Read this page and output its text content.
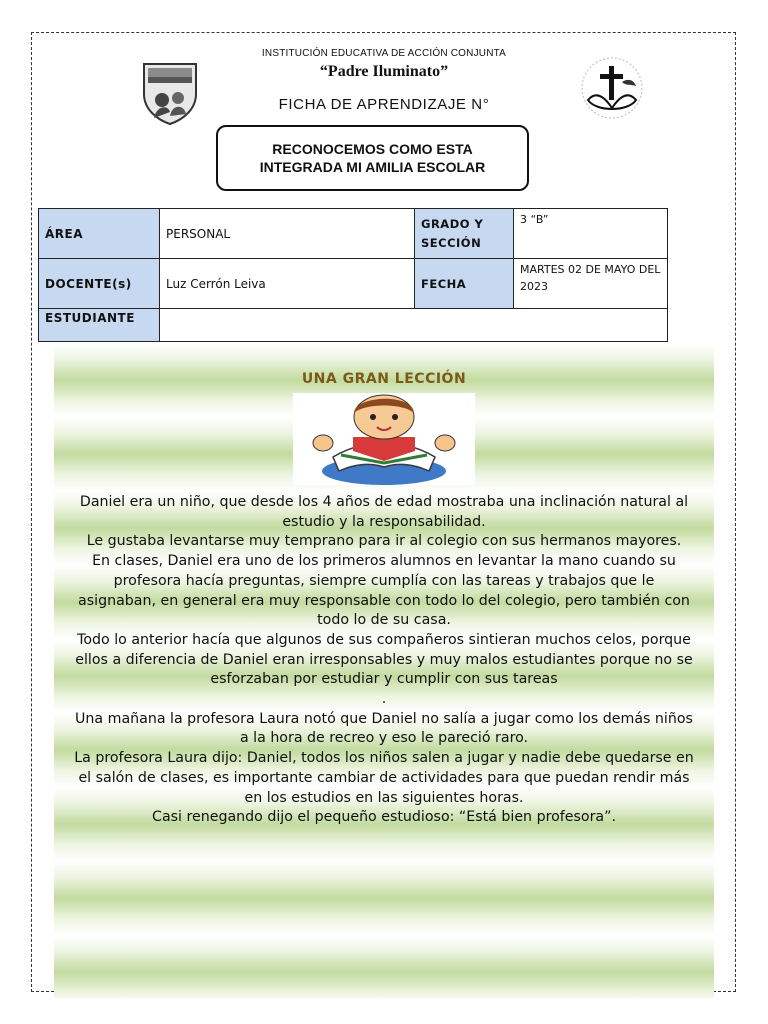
INSTITUCIÓN EDUCATIVA DE ACCIÓN CONJUNTA
“Padre Iluminato”
FICHA DE APRENDIZAJE N°
RECONOCEMOS COMO ESTA INTEGRADA MI AMILIA ESCOLAR
ÁREA	PERSONAL	GRADO Y SECCIÓN	3 “B”
DOCENTE(s)	Luz Cerrón Leiva	FECHA	MARTES 02 DE MAYO DEL 2023
ESTUDIANTE			
UNA GRAN LECCIÓN

Daniel era un niño, que desde los 4 años de edad mostraba una inclinación natural al estudio y la responsabilidad.

Le gustaba levantarse muy temprano para ir al colegio con sus hermanos mayores.

En clases, Daniel era uno de los primeros alumnos en levantar la mano cuando su profesora hacía preguntas, siempre cumplía con las tareas y trabajos que le asignaban, en general era muy responsable con todo lo del colegio, pero también con todo lo de su casa.

Todo lo anterior hacía que algunos de sus compañeros sintieran muchos celos, porque ellos a diferencia de Daniel eran irresponsables y muy malos estudiantes porque no se esforzaban por estudiar y cumplir con sus tareas

.

Una mañana la profesora Laura notó que Daniel no salía a jugar como los demás niños a la hora de recreo y eso le pareció raro.

La profesora Laura dijo: Daniel, todos los niños salen a jugar y nadie debe quedarse en el salón de clases, es importante cambiar de actividades para que puedan rendir más en los estudios en las siguientes horas.

Casi renegando dijo el pequeño estudioso: “Está bien profesora”.
